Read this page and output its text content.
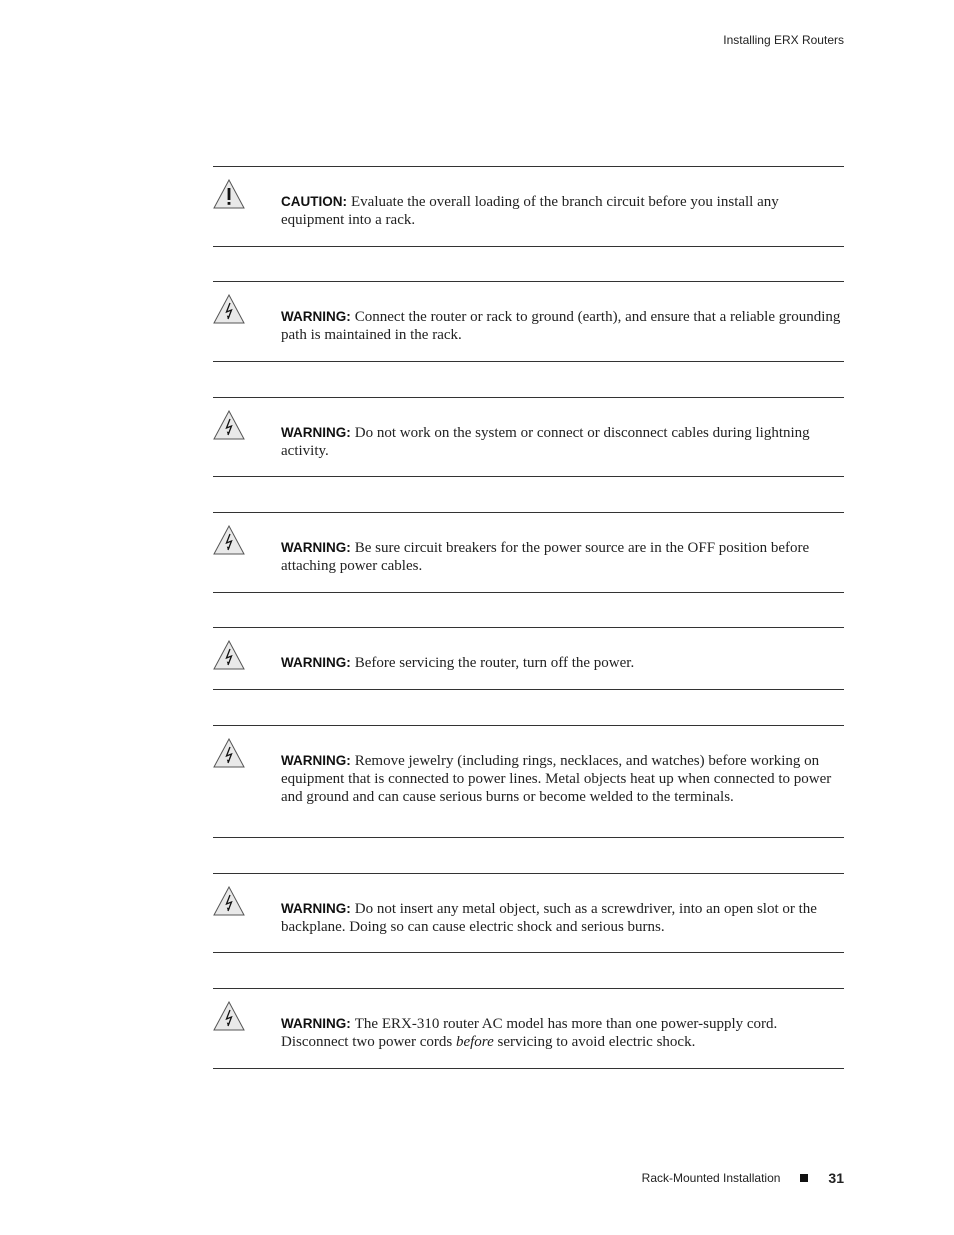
Installing ERX Routers
CAUTION: Evaluate the overall loading of the branch circuit before you install any equipment into a rack.
WARNING: Connect the router or rack to ground (earth), and ensure that a reliable grounding path is maintained in the rack.
WARNING: Do not work on the system or connect or disconnect cables during lightning activity.
WARNING: Be sure circuit breakers for the power source are in the OFF position before attaching power cables.
WARNING: Before servicing the router, turn off the power.
WARNING: Remove jewelry (including rings, necklaces, and watches) before working on equipment that is connected to power lines. Metal objects heat up when connected to power and ground and can cause serious burns or become welded to the terminals.
WARNING: Do not insert any metal object, such as a screwdriver, into an open slot or the backplane. Doing so can cause electric shock and serious burns.
WARNING: The ERX-310 router AC model has more than one power-supply cord. Disconnect two power cords before servicing to avoid electric shock.
Rack-Mounted Installation	31
